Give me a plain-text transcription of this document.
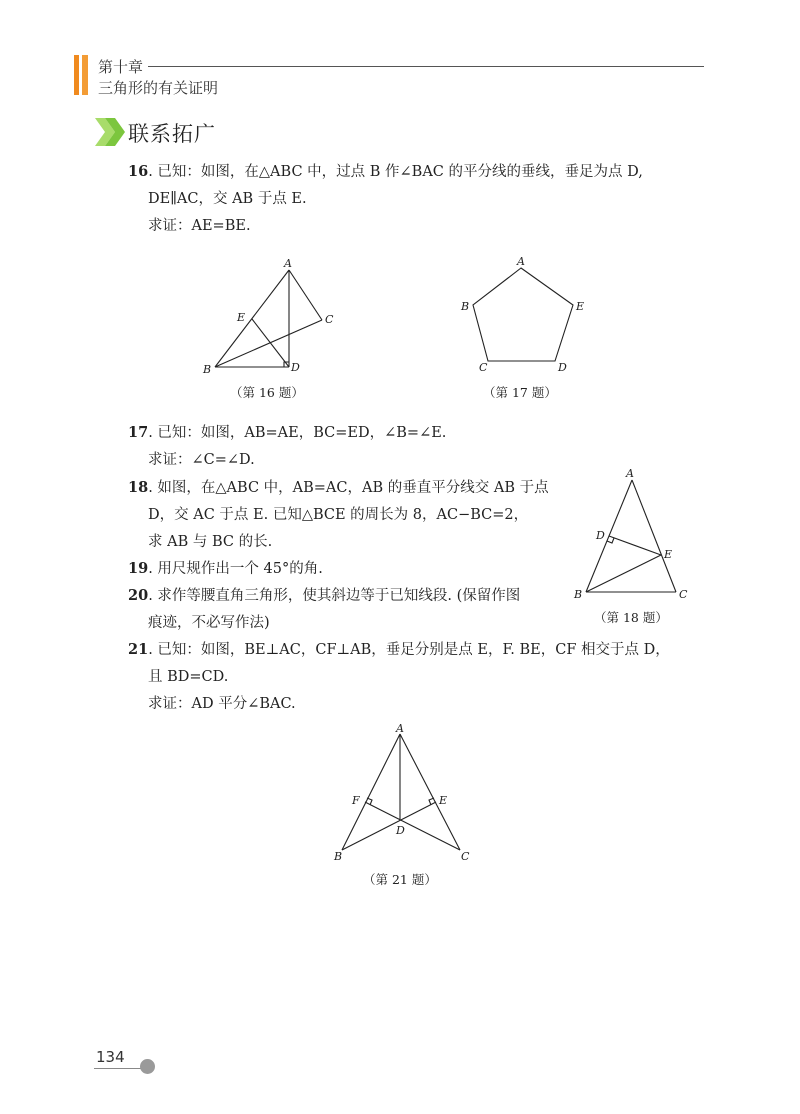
第十章
三角形的有关证明
联系拓广
16. 已知：如图，在△ABC 中，过点 B 作∠BAC 的平分线的垂线，垂足为点 D,
DE∥AC，交 AB 于点 E.
求证：AE=BE.
A
B
C
D
E
（第 16 题）
A
B
C	D
E
（第 17 题）
17. 已知：如图，AB=AE，BC=ED，∠B=∠E.
求证：∠C=∠D.
18. 如图，在△ABC 中，AB=AC，AB 的垂直平分线交 AB 于点
D，交 AC 于点 E. 已知△BCE 的周长为 8，AC−BC=2，
求 AB 与 BC 的长.
19. 用尺规作出一个 45°的角.
20. 求作等腰直角三角形，使其斜边等于已知线段. (保留作图
痕迹，不必写作法)
A
B	C
D
E
（第 18 题）
21. 已知：如图，BE⊥AC，CF⊥AB，垂足分别是点 E，F. BE，CF 相交于点 D，
且 BD=CD.
求证：AD 平分∠BAC.
A
B	C
D
E
F
（第 21 题）
134
